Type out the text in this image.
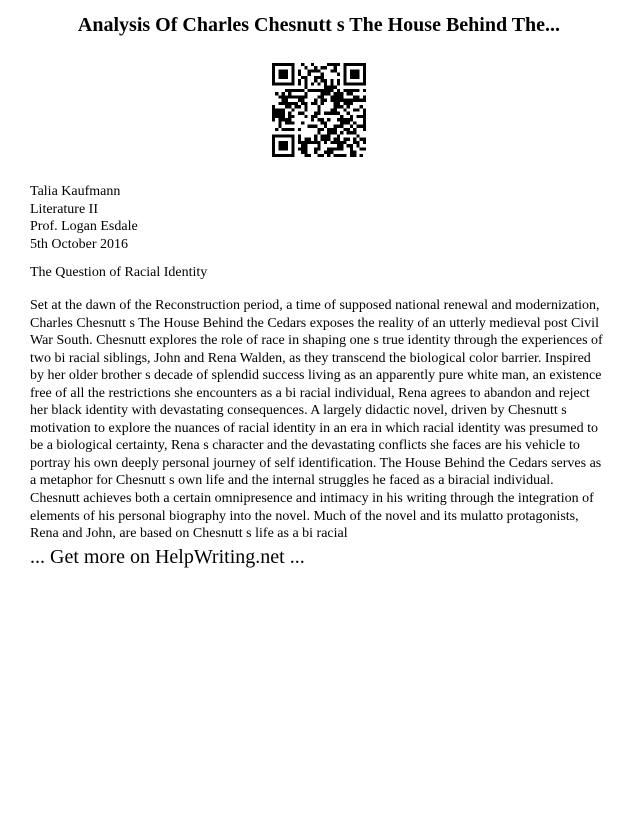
Analysis Of Charles Chesnutt s The House Behind The...
Talia Kaufmann
Literature II
Prof. Logan Esdale
5th October 2016
The Question of Racial Identity
Set at the dawn of the Reconstruction period, a time of supposed national renewal and modernization,
Charles Chesnutt s The House Behind the Cedars exposes the reality of an utterly medieval post Civil
War South. Chesnutt explores the role of race in shaping one s true identity through the experiences of
two bi racial siblings, John and Rena Walden, as they transcend the biological color barrier. Inspired
by her older brother s decade of splendid success living as an apparently pure white man, an existence
free of all the restrictions she encounters as a bi racial individual, Rena agrees to abandon and reject
her black identity with devastating consequences. A largely didactic novel, driven by Chesnutt s
motivation to explore the nuances of racial identity in an era in which racial identity was presumed to
be a biological certainty, Rena s character and the devastating conflicts she faces are his vehicle to
portray his own deeply personal journey of self identification. The House Behind the Cedars serves as
a metaphor for Chesnutt s own life and the internal struggles he faced as a biracial individual.
Chesnutt achieves both a certain omnipresence and intimacy in his writing through the integration of
elements of his personal biography into the novel. Much of the novel and its mulatto protagonists,
Rena and John, are based on Chesnutt s life as a bi racial
... Get more on HelpWriting.net ...
